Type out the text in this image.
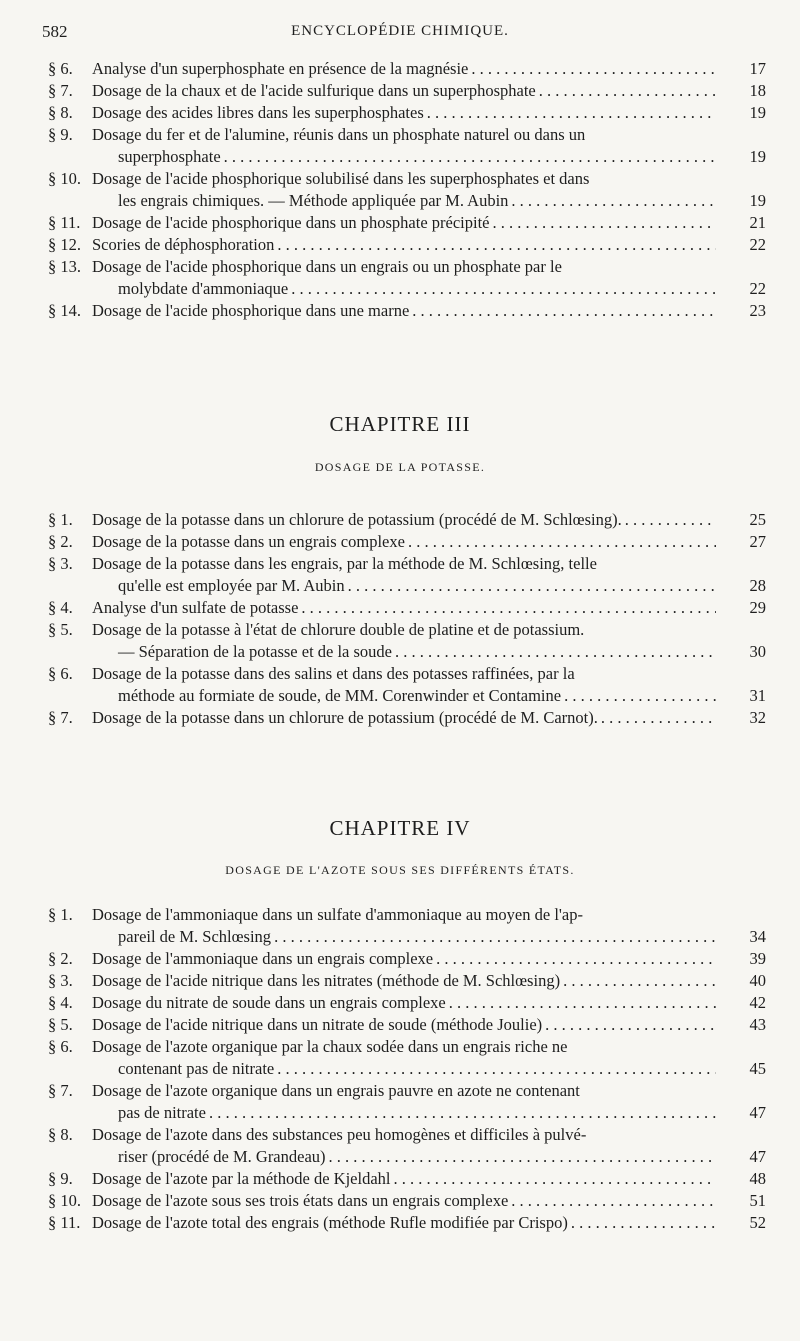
582	ENCYCLOPÉDIE CHIMIQUE.
§ 6. Analyse d'un superphosphate en présence de la magnésie . . .	17
§ 7. Dosage de la chaux et de l'acide sulfurique dans un superphosphate . . .	18
§ 8. Dosage des acides libres dans les superphosphates . . .	19
§ 9. Dosage du fer et de l'alumine, réunis dans un phosphate naturel ou dans un
superphosphate . . .	19
§ 10. Dosage de l'acide phosphorique solubilisé dans les superphosphates et dans
les engrais chimiques. — Méthode appliquée par M. Aubin . . .	19
§ 11. Dosage de l'acide phosphorique dans un phosphate précipité . . .	21
§ 12. Scories de déphosphoration . . .	22
§ 13. Dosage de l'acide phosphorique dans un engrais ou un phosphate par le
molybdate d'ammoniaque . . .	22
§ 14. Dosage de l'acide phosphorique dans une marne . . .	23
CHAPITRE III
DOSAGE DE LA POTASSE.
§ 1. Dosage de la potasse dans un chlorure de potassium (procédé de M. Schlœsing). . . .	25
§ 2. Dosage de la potasse dans un engrais complexe . . .	27
§ 3. Dosage de la potasse dans les engrais, par la méthode de M. Schlœsing, telle
qu'elle est employée par M. Aubin . . .	28
§ 4. Analyse d'un sulfate de potasse . . .	29
§ 5. Dosage de la potasse à l'état de chlorure double de platine et de potassium.
— Séparation de la potasse et de la soude . . .	30
§ 6. Dosage de la potasse dans des salins et dans des potasses raffinées, par la
méthode au formiate de soude, de MM. Corenwinder et Contamine . . .	31
§ 7. Dosage de la potasse dans un chlorure de potassium (procédé de M. Carnot). . . .	32
CHAPITRE IV
DOSAGE DE L'AZOTE SOUS SES DIFFÉRENTS ÉTATS.
§ 1. Dosage de l'ammoniaque dans un sulfate d'ammoniaque au moyen de l'ap-
pareil de M. Schlœsing . . .	34
§ 2. Dosage de l'ammoniaque dans un engrais complexe . . .	39
§ 3. Dosage de l'acide nitrique dans les nitrates (méthode de M. Schlœsing) . . .	40
§ 4. Dosage du nitrate de soude dans un engrais complexe . . .	42
§ 5. Dosage de l'acide nitrique dans un nitrate de soude (méthode Joulie) . . .	43
§ 6. Dosage de l'azote organique par la chaux sodée dans un engrais riche ne
contenant pas de nitrate . . .	45
§ 7. Dosage de l'azote organique dans un engrais pauvre en azote ne contenant
pas de nitrate . . .	47
§ 8. Dosage de l'azote dans des substances peu homogènes et difficiles à pulvé-
riser (procédé de M. Grandeau) . . .	47
§ 9. Dosage de l'azote par la méthode de Kjeldahl . . .	48
§ 10. Dosage de l'azote sous ses trois états dans un engrais complexe . . .	51
§ 11. Dosage de l'azote total des engrais (méthode Rufle modifiée par Crispo) . . .	52
